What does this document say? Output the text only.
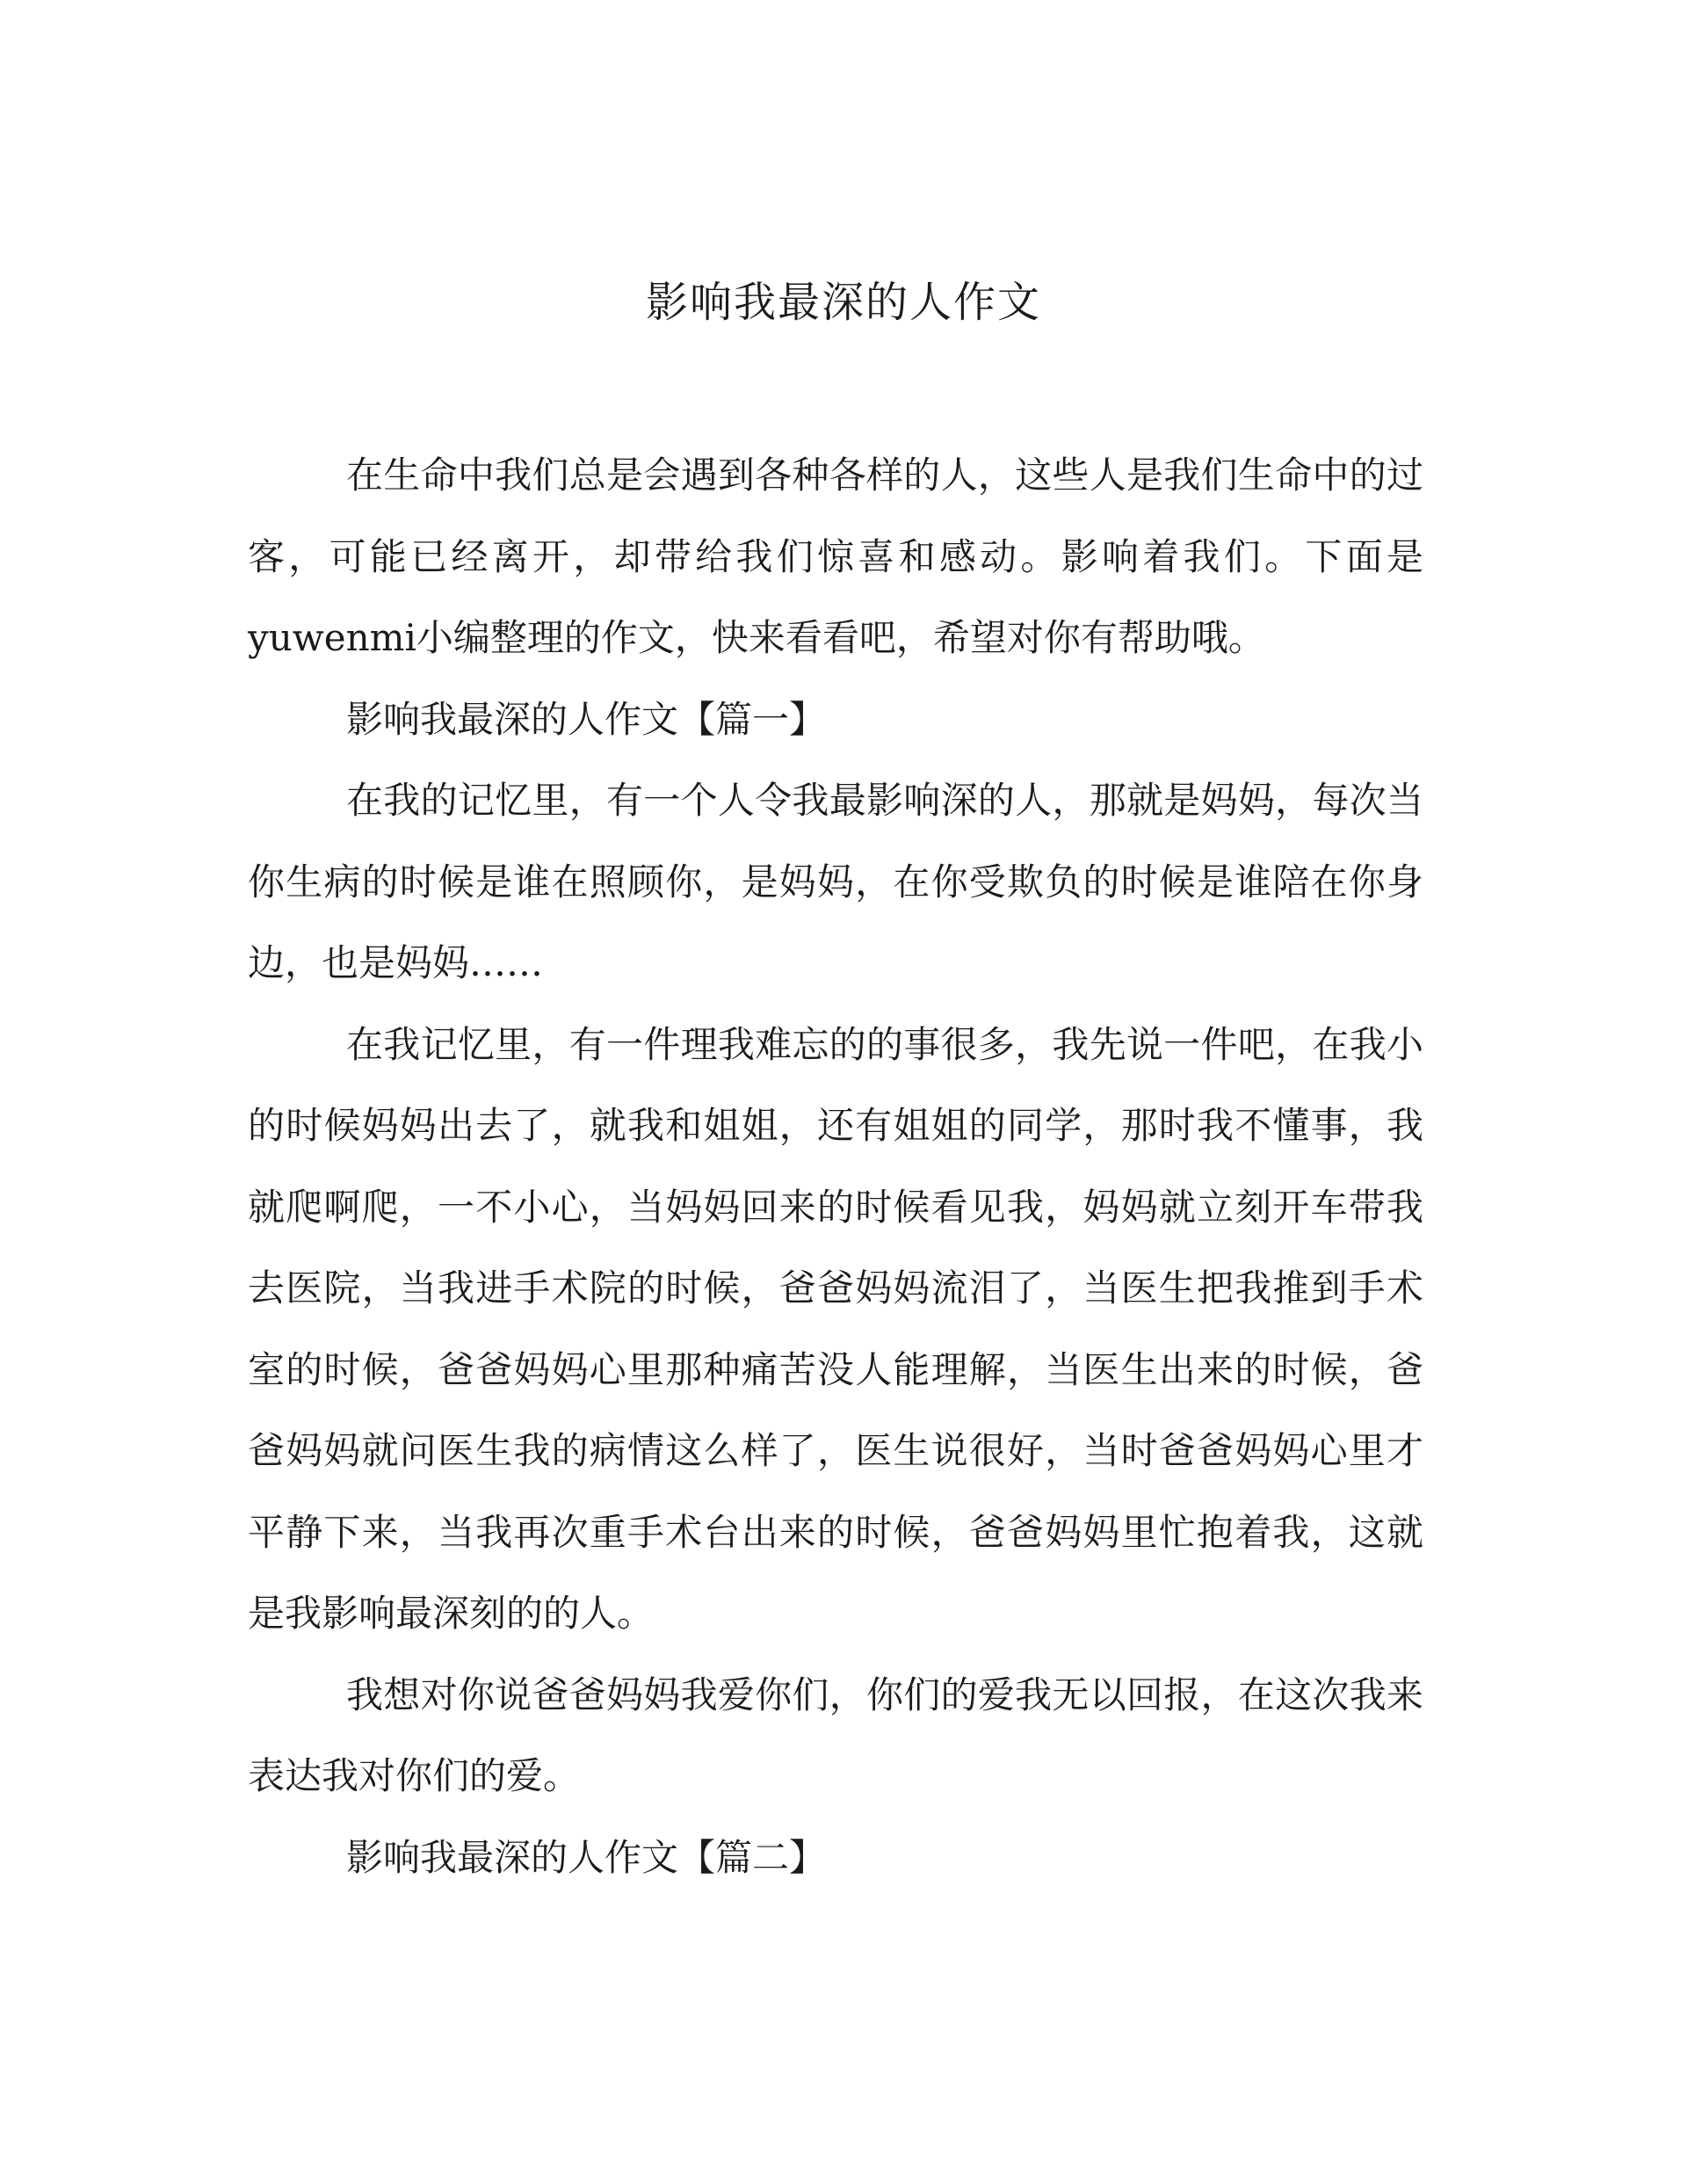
影响我最深的人作文

在生命中我们总是会遇到各种各样的人，这些人是我们生命中的过客，可能已经离开，却带给我们惊喜和感动。影响着我们。下面是yuwenmi小编整理的作文，快来看看吧，希望对你有帮助哦。

影响我最深的人作文【篇一】

在我的记忆里，有一个人令我最影响深的人，那就是妈妈，每次当你生病的时候是谁在照顾你，是妈妈，在你受欺负的时候是谁陪在你身边，也是妈妈……

在我记忆里，有一件理我难忘的的事很多，我先说一件吧，在我小的时候妈妈出去了，就我和姐姐，还有姐姐的同学，那时我不懂事，我就爬啊爬，一不小心，当妈妈回来的时候看见我，妈妈就立刻开车带我去医院，当我进手术院的时候，爸爸妈妈流泪了，当医生把我推到手术室的时候，爸爸妈妈心里那种痛苦没人能理解，当医生出来的时候，爸爸妈妈就问医生我的病情这么样了，医生说很好，当时爸爸妈妈心里才平静下来，当我再次重手术台出来的时候，爸爸妈妈里忙抱着我，这就是我影响最深刻的的人。

我想对你说爸爸妈妈我爱你们，你们的爱我无以回报，在这次我来表达我对你们的爱。

影响我最深的人作文【篇二】
